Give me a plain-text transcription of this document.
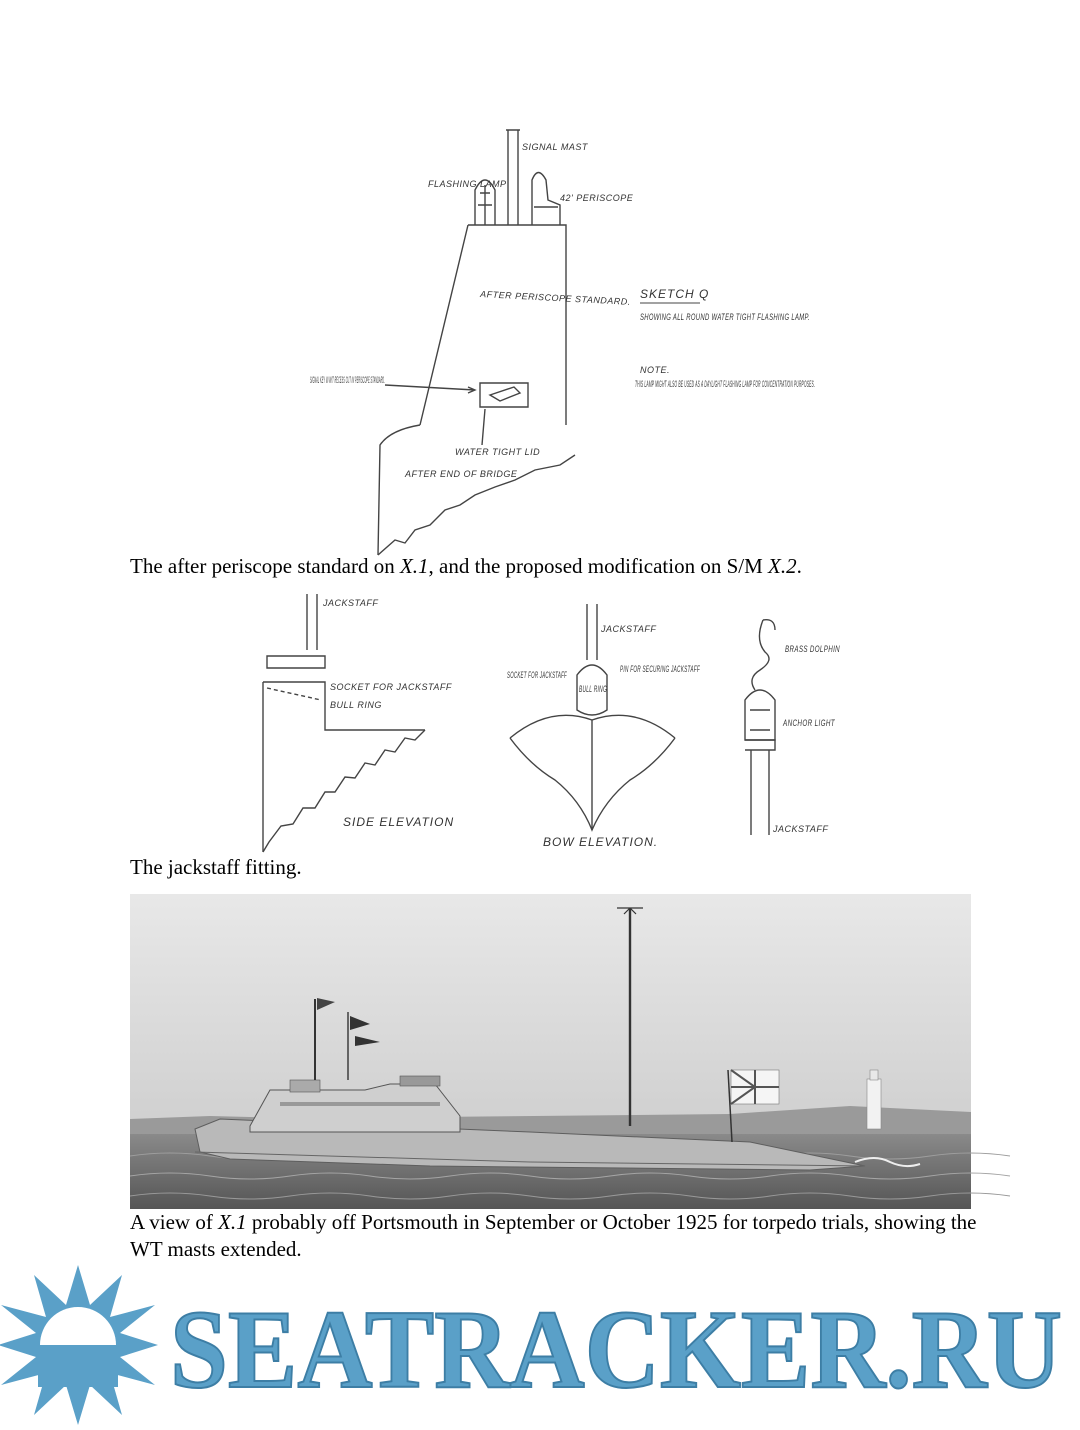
SIGNAL MAST
FLASHING LAMP
42' PERISCOPE
AFTER PERISCOPE STANDARD.
SIGNAL KEY IN W/T RECESS CUT IN PERISCOPE STANDARD.
WATER TIGHT LID
AFTER END OF BRIDGE
SKETCH Q
SHOWING ALL ROUND WATER TIGHT FLASHING LAMP.
NOTE.
THIS LAMP MIGHT ALSO BE USED AS A DAYLIGHT FLASHING LAMP FOR CONCENTRATION PURPOSES.
The after periscope standard on X.1, and the proposed modification on S/M X.2.
JACKSTAFF
SOCKET FOR JACKSTAFF
BULL RING
SIDE ELEVATION
JACKSTAFF
SOCKET FOR JACKSTAFF
PIN FOR SECURING JACKSTAFF
BULL RING
BOW ELEVATION.
BRASS DOLPHIN
ANCHOR LIGHT
JACKSTAFF
The jackstaff fitting.
A view of X.1 probably off Portsmouth in September or October 1925 for torpedo trials, showing the WT masts extended.
SEATRACKER.RU
